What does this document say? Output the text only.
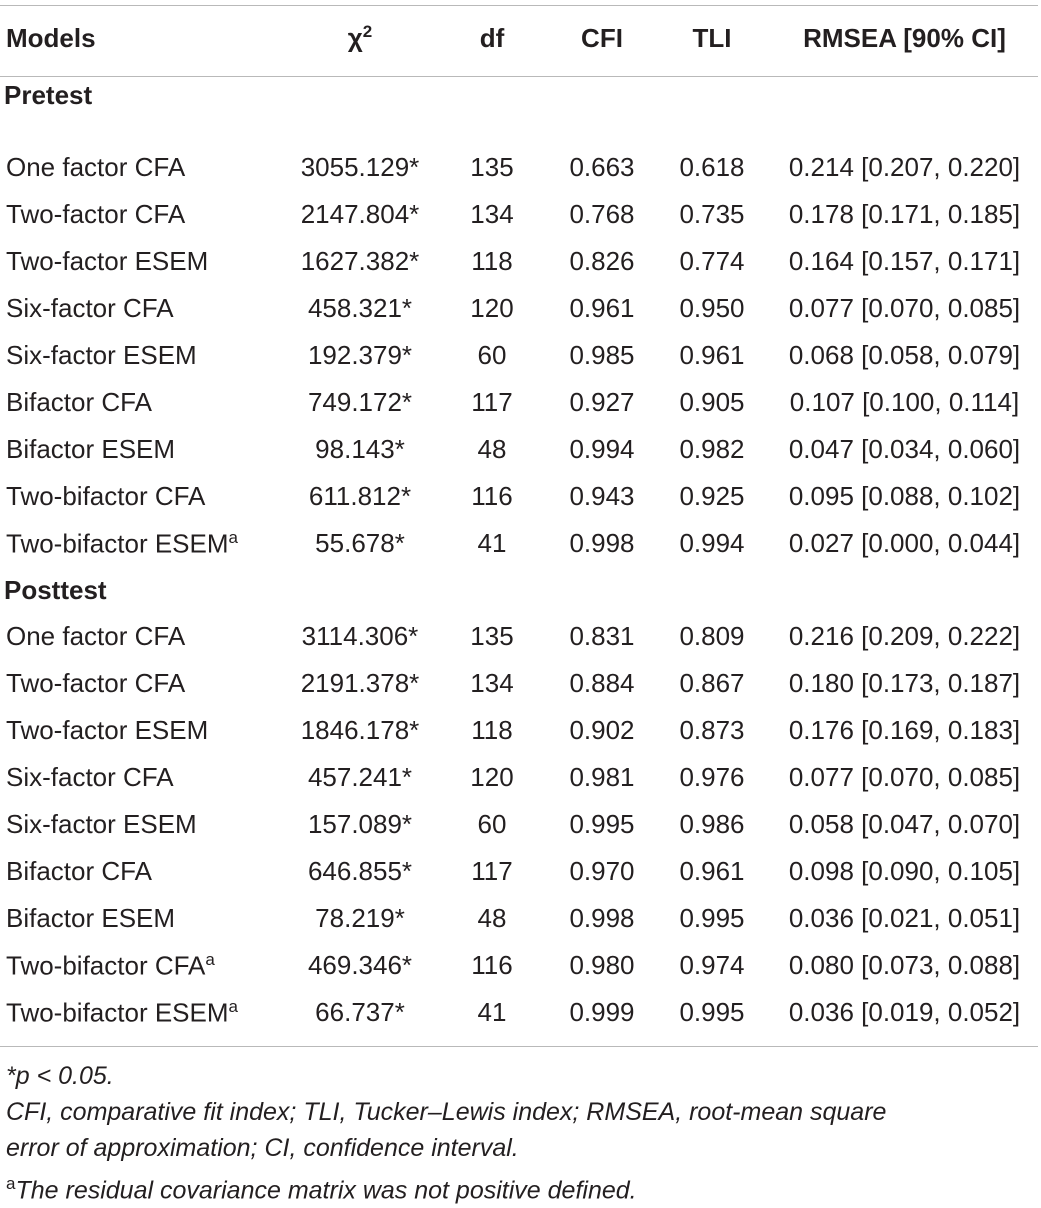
Models	$\chi^2$	df	CFI	TLI	RMSEA [90% CI]
Pretest					
One factor CFA	3055.129*	135	0.663	0.618	0.214 [0.207, 0.220]
Two-factor CFA	2147.804*	134	0.768	0.735	0.178 [0.171, 0.185]
Two-factor ESEM	1627.382*	118	0.826	0.774	0.164 [0.157, 0.171]
Six-factor CFA	458.321*	120	0.961	0.950	0.077 [0.070, 0.085]
Six-factor ESEM	192.379*	60	0.985	0.961	0.068 [0.058, 0.079]
Bifactor CFA	749.172*	117	0.927	0.905	0.107 [0.100, 0.114]
Bifactor ESEM	98.143*	48	0.994	0.982	0.047 [0.034, 0.060]
Two-bifactor CFA	611.812*	116	0.943	0.925	0.095 [0.088, 0.102]
Two-bifactor ESEM$^a$	55.678*	41	0.998	0.994	0.027 [0.000, 0.044]
Posttest					
One factor CFA	3114.306*	135	0.831	0.809	0.216 [0.209, 0.222]
Two-factor CFA	2191.378*	134	0.884	0.867	0.180 [0.173, 0.187]
Two-factor ESEM	1846.178*	118	0.902	0.873	0.176 [0.169, 0.183]
Six-factor CFA	457.241*	120	0.981	0.976	0.077 [0.070, 0.085]
Six-factor ESEM	157.089*	60	0.995	0.986	0.058 [0.047, 0.070]
Bifactor CFA	646.855*	117	0.970	0.961	0.098 [0.090, 0.105]
Bifactor ESEM	78.219*	48	0.998	0.995	0.036 [0.021, 0.051]
Two-bifactor CFA$^a$	469.346*	116	0.980	0.974	0.080 [0.073, 0.088]
Two-bifactor ESEM$^a$	66.737*	41	0.999	0.995	0.036 [0.019, 0.052]
*p < 0.05.
CFI, comparative fit index; TLI, Tucker–Lewis index; RMSEA, root-mean square
error of approximation; CI, confidence interval.
$^a$The residual covariance matrix was not positive defined.
